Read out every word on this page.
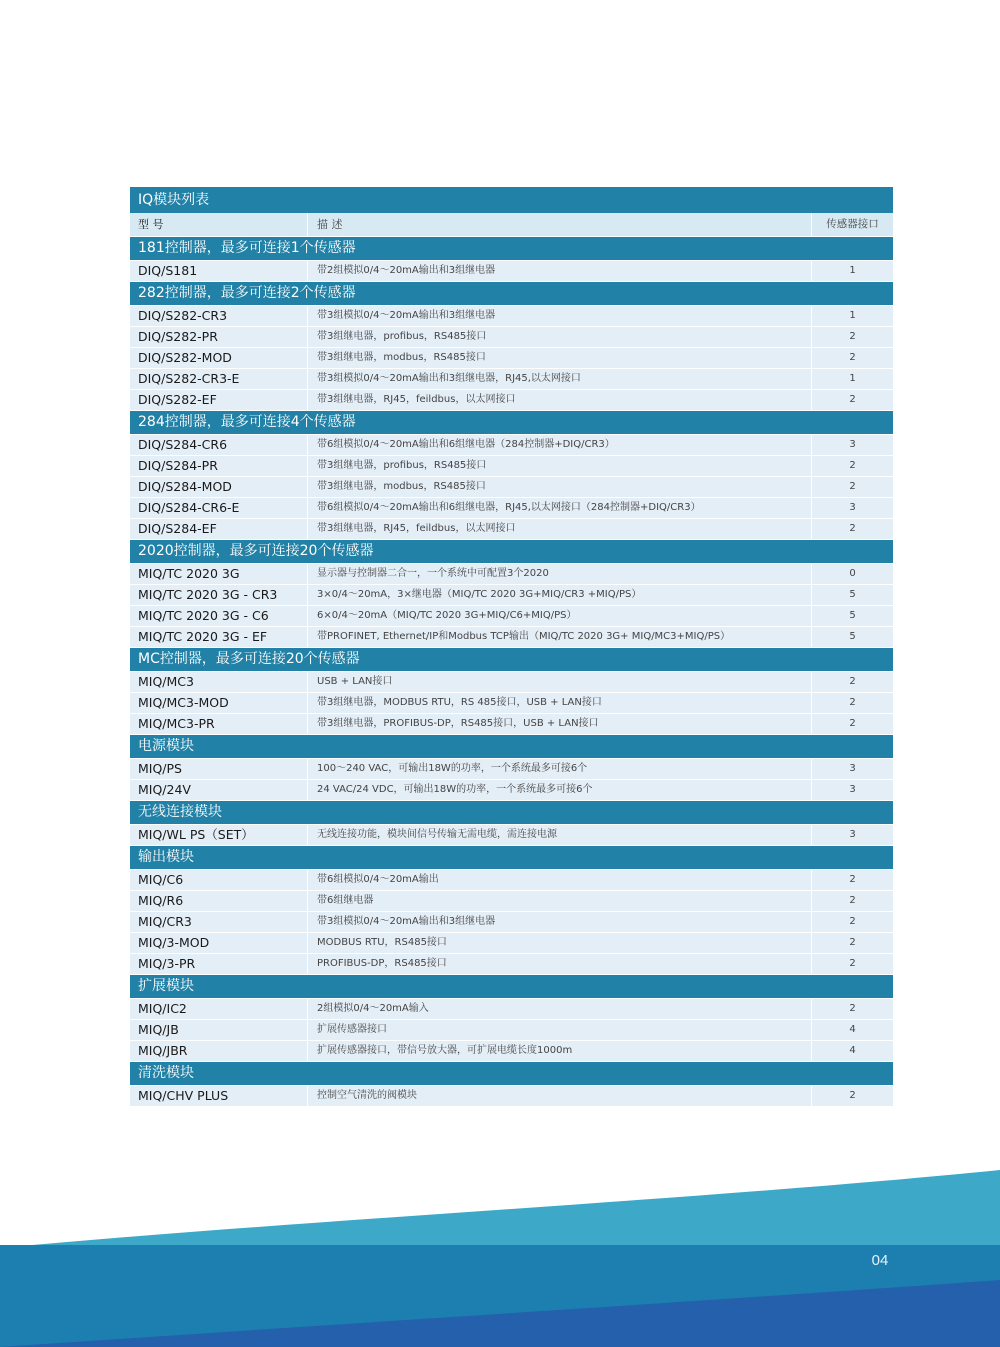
IQ模块列表
型 号	描 述	传感器接口
181控制器，最多可连接1个传感器
DIQ/S181	带2组模拟0/4～20mA输出和3组继电器	1
282控制器，最多可连接2个传感器
DIQ/S282-CR3	带3组模拟0/4～20mA输出和3组继电器	1
DIQ/S282-PR	带3组继电器，profibus，RS485接口	2
DIQ/S282-MOD	带3组继电器，modbus，RS485接口	2
DIQ/S282-CR3-E	带3组模拟0/4～20mA输出和3组继电器，RJ45,以太网接口	1
DIQ/S282-EF	带3组继电器，RJ45，feildbus，以太网接口	2
284控制器，最多可连接4个传感器
DIQ/S284-CR6	带6组模拟0/4～20mA输出和6组继电器（284控制器+DIQ/CR3）	3
DIQ/S284-PR	带3组继电器，profibus，RS485接口	2
DIQ/S284-MOD	带3组继电器，modbus，RS485接口	2
DIQ/S284-CR6-E	带6组模拟0/4～20mA输出和6组继电器，RJ45,以太网接口（284控制器+DIQ/CR3）	3
DIQ/S284-EF	带3组继电器，RJ45，feildbus，以太网接口	2
2020控制器，最多可连接20个传感器
MIQ/TC 2020 3G	显示器与控制器二合一，一个系统中可配置3个2020	0
MIQ/TC 2020 3G - CR3	3×0/4～20mA，3×继电器（MIQ/TC 2020 3G+MIQ/CR3 +MIQ/PS）	5
MIQ/TC 2020 3G - C6	6×0/4～20mA（MIQ/TC 2020 3G+MIQ/C6+MIQ/PS）	5
MIQ/TC 2020 3G - EF	带PROFINET, Ethernet/IP和Modbus TCP输出（MIQ/TC 2020 3G+ MIQ/MC3+MIQ/PS）	5
MC控制器，最多可连接20个传感器
MIQ/MC3	USB + LAN接口	2
MIQ/MC3-MOD	带3组继电器，MODBUS RTU，RS 485接口，USB + LAN接口	2
MIQ/MC3-PR	带3组继电器，PROFIBUS-DP，RS485接口，USB + LAN接口	2
电源模块
MIQ/PS	100～240 VAC，可输出18W的功率，一个系统最多可接6个	3
MIQ/24V	24 VAC/24 VDC，可输出18W的功率，一个系统最多可接6个	3
无线连接模块
MIQ/WL PS（SET）	无线连接功能，模块间信号传输无需电缆，需连接电源	3
输出模块
MIQ/C6	带6组模拟0/4～20mA输出	2
MIQ/R6	带6组继电器	2
MIQ/CR3	带3组模拟0/4～20mA输出和3组继电器	2
MIQ/3-MOD	MODBUS RTU，RS485接口	2
MIQ/3-PR	PROFIBUS-DP，RS485接口	2
扩展模块
MIQ/IC2	2组模拟0/4～20mA输入	2
MIQ/JB	扩展传感器接口	4
MIQ/JBR	扩展传感器接口，带信号放大器，可扩展电缆长度1000m	4
清洗模块
MIQ/CHV PLUS	控制空气清洗的阀模块	2
04
